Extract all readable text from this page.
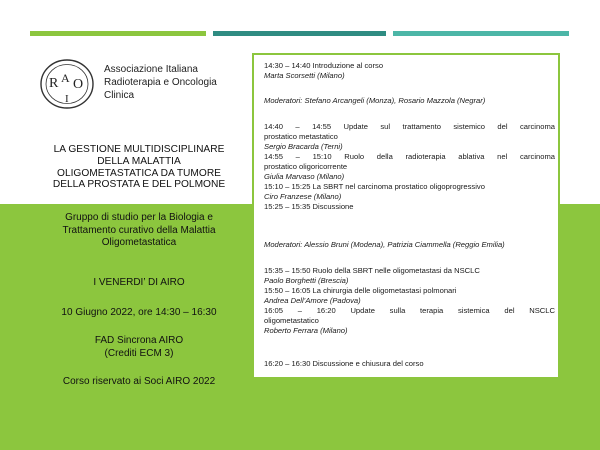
R A O
I
Associazione Italiana
Radioterapia e Oncologia
Clinica
LA GESTIONE MULTIDISCIPLINARE
DELLA MALATTIA
OLIGOMETASTATICA DA TUMORE
DELLA PROSTATA E DEL POLMONE
Gruppo di studio per la Biologia e
Trattamento curativo della Malattia
Oligometastatica
I VENERDI’ DI AIRO
10 Giugno 2022, ore 14:30 – 16:30
FAD Sincrona AIRO
(Crediti ECM 3)
Corso riservato ai Soci AIRO 2022
14:30 – 14:40 Introduzione al corso
Marta Scorsetti (Milano)
Moderatori: Stefano Arcangeli (Monza), Rosario Mazzola (Negrar)
14:40 – 14:55 Update sul trattamento sistemico del carcinoma
prostatico metastatico
Sergio Bracarda (Terni)
14:55 – 15:10 Ruolo della radioterapia ablativa nel carcinoma
prostatico oligoricorrente
Giulia Marvaso (Milano)
15:10 – 15:25 La SBRT nel carcinoma prostatico oligoprogressivo
Ciro Franzese (Milano)
15:25 – 15:35 Discussione
Moderatori: Alessio Bruni (Modena), Patrizia Ciammella (Reggio Emilia)
15:35 – 15:50 Ruolo della SBRT nelle oligometastasi da NSCLC
Paolo Borghetti (Brescia)
15:50 – 16:05 La chirurgia delle oligometastasi polmonari
Andrea Dell’Amore (Padova)
16:05 – 16:20 Update sulla terapia sistemica del NSCLC
oligometastatico
Roberto Ferrara (Milano)
16:20 – 16:30 Discussione e chiusura del corso
